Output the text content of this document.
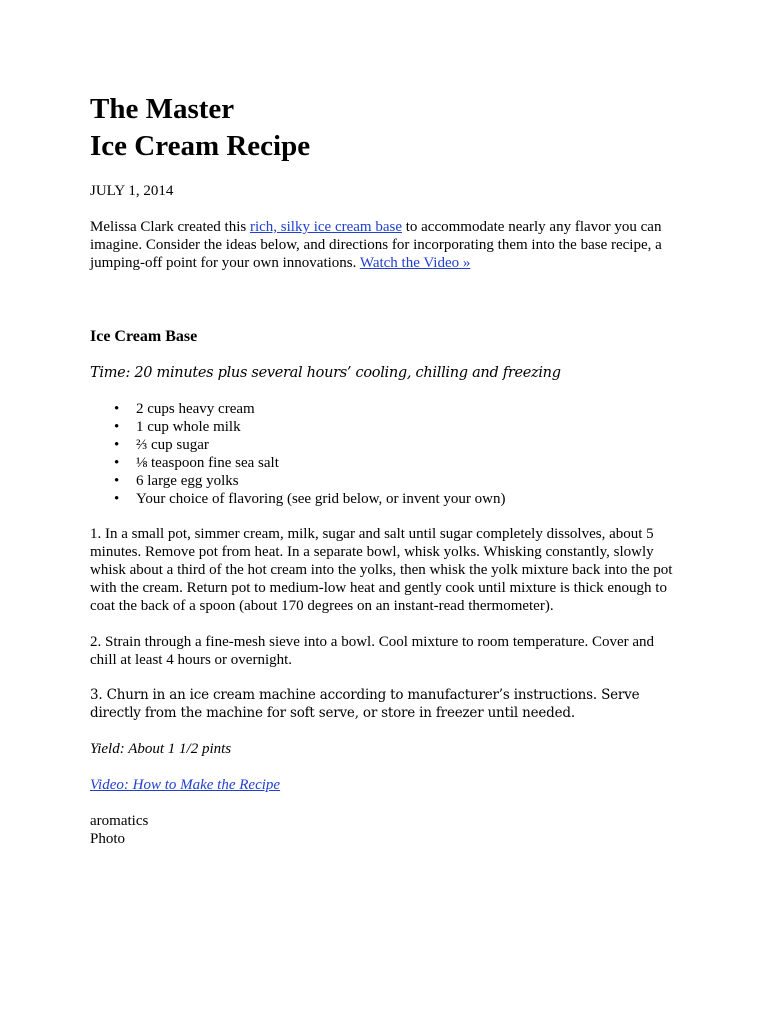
The Master
Ice Cream Recipe
JULY 1, 2014

Melissa Clark created this rich, silky ice cream base to accommodate nearly any flavor you can imagine. Consider the ideas below, and directions for incorporating them into the base recipe, a jumping-off point for your own innovations. Watch the Video »

Ice Cream Base
Time: 20 minutes plus several hours’ cooling, chilling and freezing
• 2 cups heavy cream
• 1 cup whole milk
• ⅔ cup sugar
• ⅛ teaspoon fine sea salt
• 6 large egg yolks
• Your choice of flavoring (see grid below, or invent your own)

1. In a small pot, simmer cream, milk, sugar and salt until sugar completely dissolves, about 5 minutes. Remove pot from heat. In a separate bowl, whisk yolks. Whisking constantly, slowly whisk about a third of the hot cream into the yolks, then whisk the yolk mixture back into the pot with the cream. Return pot to medium-low heat and gently cook until mixture is thick enough to coat the back of a spoon (about 170 degrees on an instant-read thermometer).

2. Strain through a fine-mesh sieve into a bowl. Cool mixture to room temperature. Cover and chill at least 4 hours or overnight.

3. Churn in an ice cream machine according to manufacturer’s instructions. Serve directly from the machine for soft serve, or store in freezer until needed.

Yield: About 1 1/2 pints

Video: How to Make the Recipe

aromatics
Photo
